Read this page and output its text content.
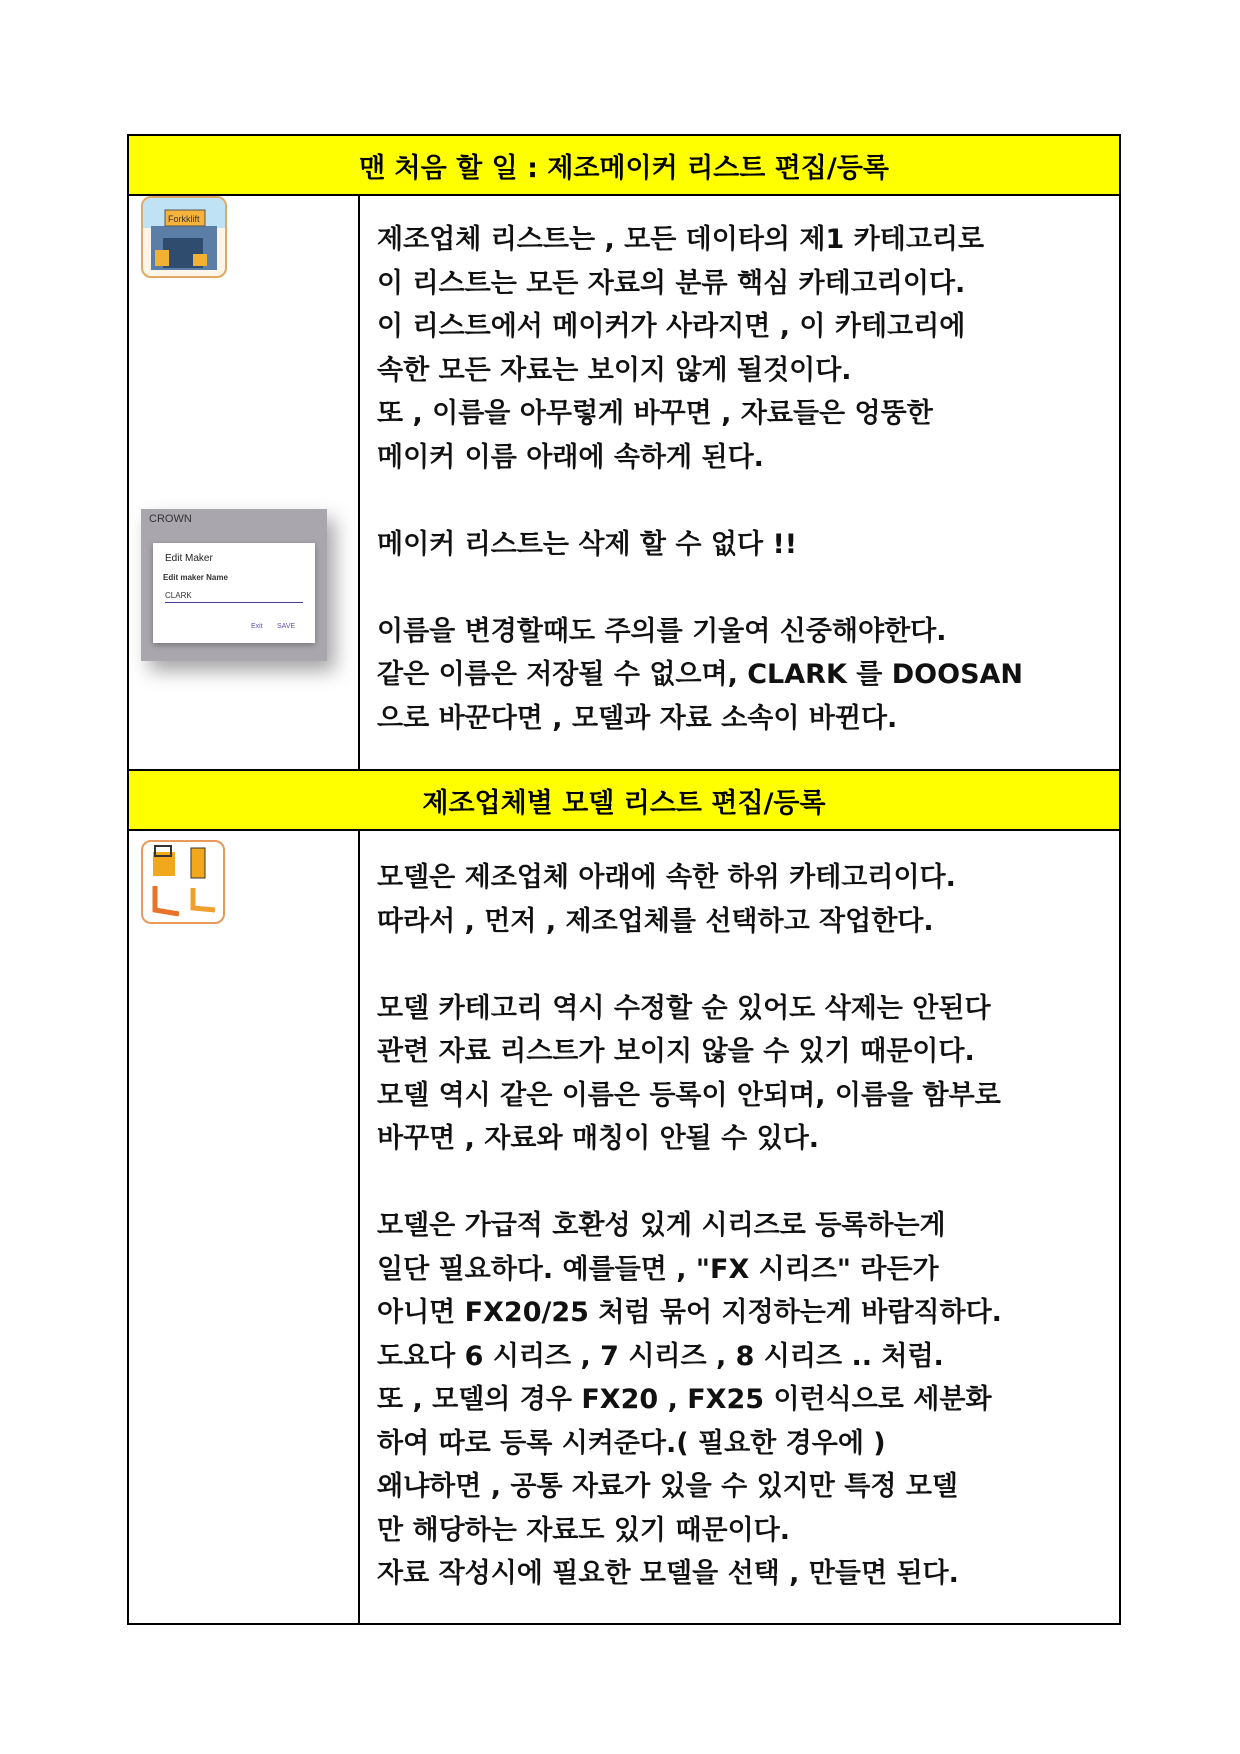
맨 처음 할 일 : 제조메이커 리스트 편집/등록
Forkklift
CROWN
Edit Maker
Edit maker Name
CLARK
Exit SAVE
제조업체 리스트는 , 모든 데이타의 제1 카테고리로
이 리스트는 모든 자료의 분류 핵심 카테고리이다.
이 리스트에서 메이커가 사라지면 , 이 카테고리에
속한 모든 자료는 보이지 않게 될것이다.
또 , 이름을 아무렇게 바꾸면 , 자료들은 엉뚱한
메이커 이름 아래에 속하게 된다.
메이커 리스트는 삭제 할 수 없다 !!
이름을 변경할때도 주의를 기울여 신중해야한다.
같은 이름은 저장될 수 없으며, CLARK 를 DOOSAN
으로 바꾼다면 , 모델과 자료 소속이 바뀐다.
제조업체별 모델 리스트 편집/등록
모델은 제조업체 아래에 속한 하위 카테고리이다.
따라서 , 먼저 , 제조업체를 선택하고 작업한다.
모델 카테고리 역시 수정할 순 있어도 삭제는 안된다
관련 자료 리스트가 보이지 않을 수 있기 때문이다.
모델 역시 같은 이름은 등록이 안되며, 이름을 함부로
바꾸면 , 자료와 매칭이 안될 수 있다.
모델은 가급적 호환성 있게 시리즈로 등록하는게
일단 필요하다. 예를들면 , "FX 시리즈" 라든가
아니면 FX20/25 처럼 묶어 지정하는게 바람직하다.
도요다 6 시리즈 , 7 시리즈 , 8 시리즈 .. 처럼.
또 , 모델의 경우 FX20 , FX25 이런식으로 세분화
하여 따로 등록 시켜준다.( 필요한 경우에 )
왜냐하면 , 공통 자료가 있을 수 있지만 특정 모델
만 해당하는 자료도 있기 때문이다.
자료 작성시에 필요한 모델을 선택 , 만들면 된다.
